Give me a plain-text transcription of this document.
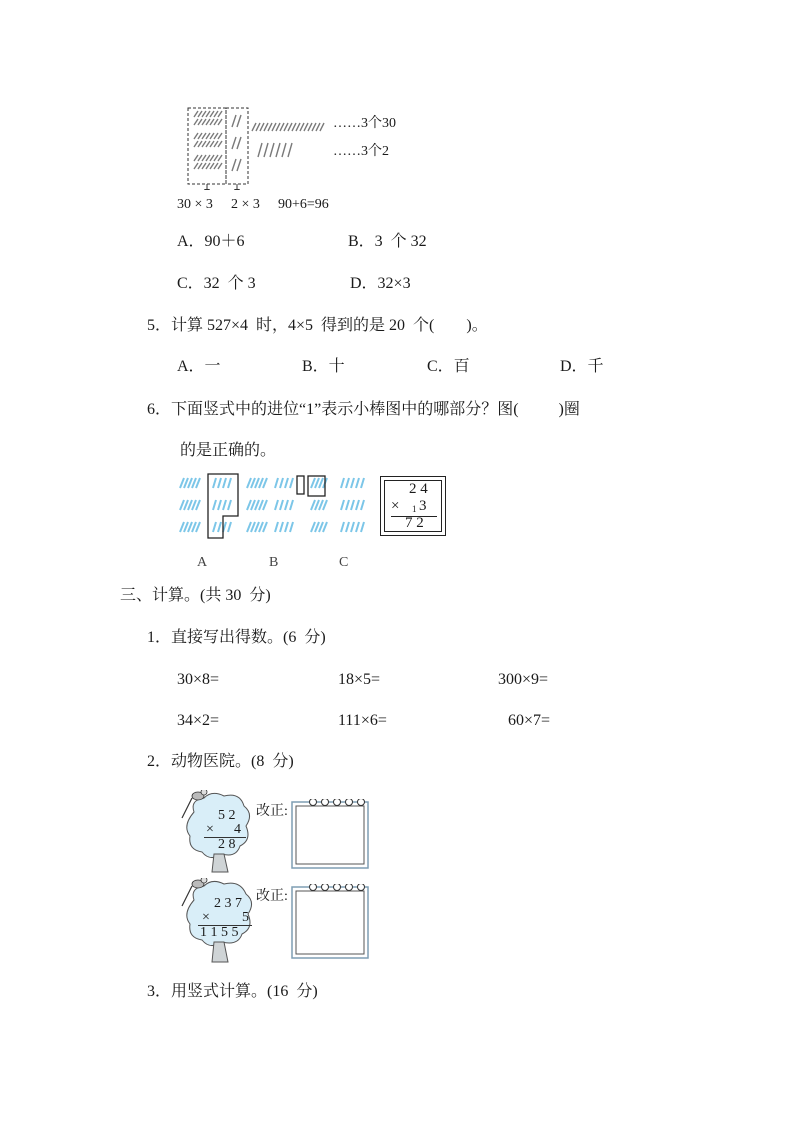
……3个30
……3个2
30 × 3 2 × 3 90+6=96
A．90＋6	B．3  个 32
C．32  个 3	D．32×3
5．计算 527×4  时，4×5  得到的是 20  个(        )。
A．一	B．十	C．百	D．千
6．下面竖式中的进位“1”表示小棒图中的哪部分？图(          )圈
的是正确的。
2 4
× 1 3
7 2
A	B	C
三、计算。(共 30  分)
1．直接写出得数。(6  分)
30×8=	18×5=	300×9=
34×2=	111×6=	60×7=
2．动物医院。(8  分)
5 2
× 4
2 8
改正:
2 3 7
× 5
1 1 5 5
改正:
3．用竖式计算。(16  分)
